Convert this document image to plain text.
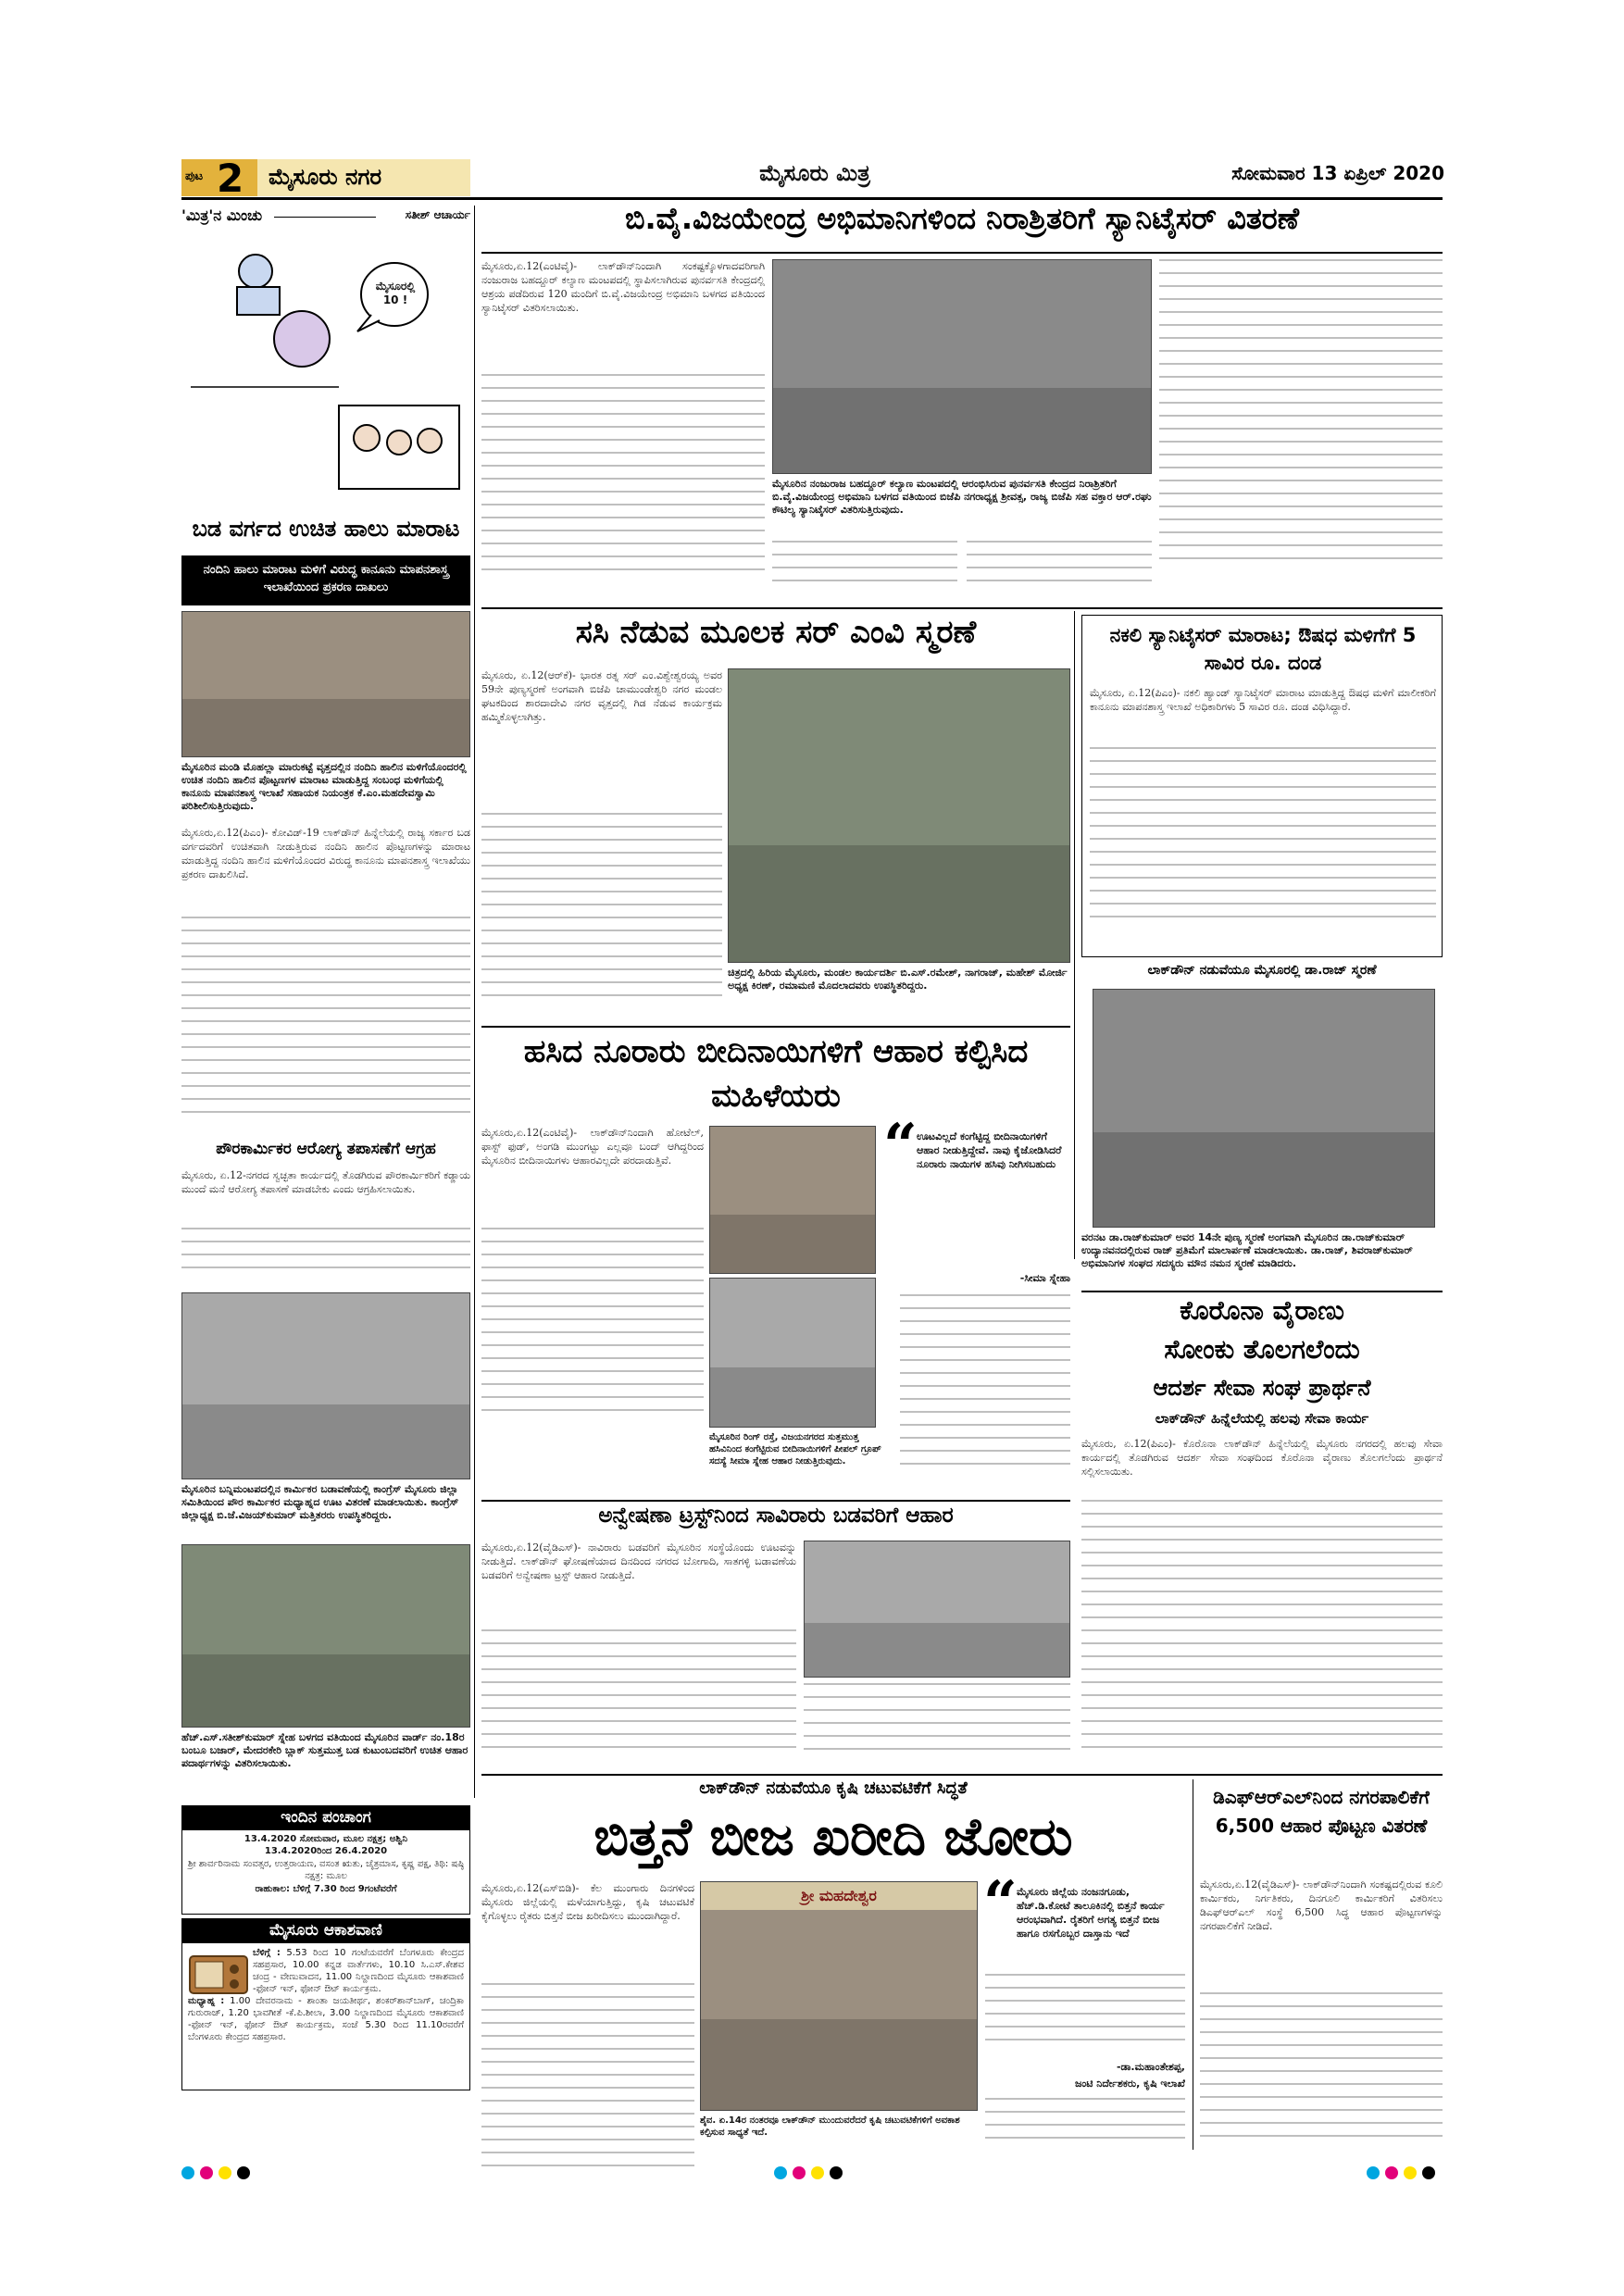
ಪುಟ 2 ಮೈಸೂರು ನಗರ	ಮೈಸೂರು ಮಿತ್ರ	ಸೋಮವಾರ 13 ಏಪ್ರಿಲ್ 2020
'ಮಿತ್ರ'ನ ಮಿಂಚು	ಸತೀಶ್ ಆಚಾರ್ಯ
ಮೈಸೂರಲ್ಲಿ 10 !
ಬಡ ವರ್ಗದ ಉಚಿತ ಹಾಲು ಮಾರಾಟ
ನಂದಿನಿ ಹಾಲು ಮಾರಾಟ ಮಳಿಗೆ ವಿರುದ್ಧ ಕಾನೂನು ಮಾಪನಶಾಸ್ತ್ರ ಇಲಾಖೆಯಿಂದ ಪ್ರಕರಣ ದಾಖಲು
ಮೈಸೂರಿನ ಮಂಡಿ ಮೊಹಲ್ಲಾ ಮಾರುಕಟ್ಟೆ ವೃತ್ತದಲ್ಲಿನ ನಂದಿನಿ ಹಾಲಿನ ಮಳಿಗೆಯೊಂದರಲ್ಲಿ ಉಚಿತ ನಂದಿನಿ ಹಾಲಿನ ಪೊಟ್ಟಣಗಳ ಮಾರಾಟ ಮಾಡುತ್ತಿದ್ದ ಸಂಬಂಧ ಮಳಿಗೆಯಲ್ಲಿ ಕಾನೂನು ಮಾಪನಶಾಸ್ತ್ರ ಇಲಾಖೆ ಸಹಾಯಕ ನಿಯಂತ್ರಕ ಕೆ.ಎಂ.ಮಹದೇವಸ್ವಾಮಿ ಪರಿಶೀಲಿಸುತ್ತಿರುವುದು.
ಮೈಸೂರು,ಏ.12(ಪಿಎಂ)- ಕೋವಿಡ್-19 ಲಾಕ್‌ಡೌನ್ ಹಿನ್ನೆಲೆಯಲ್ಲಿ ರಾಜ್ಯ ಸರ್ಕಾರ ಬಡ ವರ್ಗದವರಿಗೆ ಉಚಿತವಾಗಿ ನೀಡುತ್ತಿರುವ ನಂದಿನಿ ಹಾಲಿನ ಪೊಟ್ಟಣಗಳನ್ನು ಮಾರಾಟ ಮಾಡುತ್ತಿದ್ದ ನಂದಿನಿ ಹಾಲಿನ ಮಳಿಗೆಯೊಂದರ ವಿರುದ್ಧ ಕಾನೂನು ಮಾಪನಶಾಸ್ತ್ರ ಇಲಾಖೆಯು ಪ್ರಕರಣ ದಾಖಲಿಸಿದೆ.
ಪೌರಕಾರ್ಮಿಕರ ಆರೋಗ್ಯ ತಪಾಸಣೆಗೆ ಆಗ್ರಹ
ಮೈಸೂರು, ಏ.12-ನಗರದ ಸ್ವಚ್ಛತಾ ಕಾರ್ಯದಲ್ಲಿ ತೊಡಗಿರುವ ಪೌರಕಾರ್ಮಿಕರಿಗೆ ಕಡ್ಡಾಯ ಮುಂದೆ ಮನೆ ಆರೋಗ್ಯ ತಪಾಸಣೆ ಮಾಡಬೇಕು ಎಂದು ಆಗ್ರಹಿಸಲಾಯಿತು.
ಮೈಸೂರಿನ ಬನ್ನಿಮಂಟಪದಲ್ಲಿನ ಕಾರ್ಮಿಕರ ಬಡಾವಣೆಯಲ್ಲಿ ಕಾಂಗ್ರೆಸ್ ಮೈಸೂರು ಜಿಲ್ಲಾ ಸಮಿತಿಯಿಂದ ಪೌರ ಕಾರ್ಮಿಕರ ಮಧ್ಯಾಹ್ನದ ಊಟ ವಿತರಣೆ ಮಾಡಲಾಯಿತು. ಕಾಂಗ್ರೆಸ್ ಜಿಲ್ಲಾಧ್ಯಕ್ಷ ಬಿ.ಜೆ.ವಿಜಯ್‌ಕುಮಾರ್ ಮತ್ತಿತರರು ಉಪಸ್ಥಿತರಿದ್ದರು.
ಹೆಚ್.ಎಸ್.ಸತೀಶ್‌ಕುಮಾರ್ ಸ್ನೇಹ ಬಳಗದ ವತಿಯಿಂದ ಮೈಸೂರಿನ ವಾರ್ಡ್ ನಂ.18ರ ಬಂಬೂ ಬಜಾರ್, ಮೇದರಕೇರಿ ಬ್ಲಾಕ್ ಸುತ್ತಮುತ್ತ ಬಡ ಕುಟುಂಬದವರಿಗೆ ಉಚಿತ ಆಹಾರ ಪದಾರ್ಥಗಳನ್ನು ವಿತರಿಸಲಾಯಿತು.
ಇಂದಿನ ಪಂಚಾಂಗ
13.4.2020 ಸೋಮವಾರ, ಮೂಲ ನಕ್ಷತ್ರ; ಅಶ್ವಿನಿ
13.4.2020ರಿಂದ 26.4.2020
ಶ್ರೀ ಶಾರ್ವರಿನಾಮ ಸಂವತ್ಸರ, ಉತ್ತರಾಯಣ, ವಸಂತ ಋತು, ಚೈತ್ರಮಾಸ, ಕೃಷ್ಣ ಪಕ್ಷ, ತಿಥಿ: ಷಷ್ಠಿ ನಕ್ಷತ್ರ: ಮೂಲ
ರಾಹುಕಾಲ: ಬೆಳಿಗ್ಗೆ 7.30 ರಿಂದ 9ಗಂಟೆವರೆಗೆ
ಮೈಸೂರು ಆಕಾಶವಾಣಿ
ಬೆಳಿಗ್ಗೆ : 5.53 ರಿಂದ 10 ಗಂಟೆಯವರೆಗೆ ಬೆಂಗಳೂರು ಕೇಂದ್ರದ ಸಹಪ್ರಸಾರ, 10.00 ಕನ್ನಡ ವಾರ್ತೆಗಳು, 10.10 ಸಿ.ಎಸ್.ಕೇಶವ ಚಂದ್ರ - ವೇಣುವಾದನ, 11.00 ನಿಲ್ದಾಣದಿಂದ ಮೈಸೂರು ಆಕಾಶವಾಣಿ -ಫೋನ್ ಇನ್, ಫೋನ್ ಔಟ್ ಕಾರ್ಯಕ್ರಮ.
ಮಧ್ಯಾಹ್ನ : 1.00 ದೇವರನಾಮ - ಶಾಂತಾ ಜಯತೀರ್ಥ, ಶಂಕರ್‌ಶಾನ್‌ಬಾಗ್, ಚಂದ್ರಿಕಾ ಗುರುರಾಜ್, 1.20 ಭಾವಗೀತೆ -ಕೆ.ಪಿ.ಶೀಲಾ, 3.00 ನಿಲ್ದಾಣದಿಂದ ಮೈಸೂರು ಆಕಾಶವಾಣಿ -ಫೋನ್ ಇನ್, ಫೋನ್ ಔಟ್ ಕಾರ್ಯಕ್ರಮ, ಸಂಜೆ 5.30 ರಿಂದ 11.10ರವರೆಗೆ ಬೆಂಗಳೂರು ಕೇಂದ್ರದ ಸಹಪ್ರಸಾರ.
ಬಿ.ವೈ.ವಿಜಯೇಂದ್ರ ಅಭಿಮಾನಿಗಳಿಂದ ನಿರಾಶ್ರಿತರಿಗೆ ಸ್ಯಾನಿಟೈಸರ್ ವಿತರಣೆ
ಮೈಸೂರು,ಏ.12(ಎಂಟಿವೈ)- ಲಾಕ್‌ಡೌನ್‌ನಿಂದಾಗಿ ಸಂಕಷ್ಟಕ್ಕೊಳಗಾದವರಿಗಾಗಿ ನಂಜುರಾಜ ಬಹದ್ದೂರ್ ಕಲ್ಯಾಣ ಮಂಟಪದಲ್ಲಿ ಸ್ಥಾಪಿಸಲಾಗಿರುವ ಪುನರ್ವಸತಿ ಕೇಂದ್ರದಲ್ಲಿ ಆಶ್ರಯ ಪಡೆದಿರುವ 120 ಮಂದಿಗೆ ಬಿ.ವೈ.ವಿಜಯೇಂದ್ರ ಅಭಿಮಾನಿ ಬಳಗದ ವತಿಯಿಂದ ಸ್ಯಾನಿಟೈಸರ್ ವಿತರಿಸಲಾಯಿತು.
ಮೈಸೂರಿನ ನಂಜುರಾಜ ಬಹದ್ದೂರ್ ಕಲ್ಯಾಣ ಮಂಟಪದಲ್ಲಿ ಆರಂಭಿಸಿರುವ ಪುನರ್ವಸತಿ ಕೇಂದ್ರದ ನಿರಾಶ್ರಿತರಿಗೆ ಬಿ.ವೈ.ವಿಜಯೇಂದ್ರ ಅಭಿಮಾನಿ ಬಳಗದ ವತಿಯಿಂದ ಬಿಜೆಪಿ ನಗರಾಧ್ಯಕ್ಷ ಶ್ರೀವತ್ಸ, ರಾಜ್ಯ ಬಿಜೆಪಿ ಸಹ ವಕ್ತಾರ ಆರ್.ರಘು ಕೌಟಿಲ್ಯ ಸ್ಯಾನಿಟೈಸರ್ ವಿತರಿಸುತ್ತಿರುವುದು.
ಸಸಿ ನೆಡುವ ಮೂಲಕ ಸರ್ ಎಂವಿ ಸ್ಮರಣೆ
ಮೈಸೂರು, ಏ.12(ಆರ್‌ಕೆ)- ಭಾರತ ರತ್ನ ಸರ್ ಎಂ.ವಿಶ್ವೇಶ್ವರಯ್ಯ ಅವರ 59ನೇ ಪುಣ್ಯಸ್ಮರಣೆ ಅಂಗವಾಗಿ ಬಿಜೆಪಿ ಚಾಮುಂಡೇಶ್ವರಿ ನಗರ ಮಂಡಲ ಘಟಕದಿಂದ ಶಾರದಾದೇವಿ ನಗರ ವೃತ್ತದಲ್ಲಿ ಗಿಡ ನೆಡುವ ಕಾರ್ಯಕ್ರಮ ಹಮ್ಮಿಕೊಳ್ಳಲಾಗಿತ್ತು.
ಚಿತ್ರದಲ್ಲಿ ಹಿರಿಯ ಮೈಸೂರು, ಮಂಡಲ ಕಾರ್ಯದರ್ಶಿ ಬಿ.ಎಸ್.ರಮೇಶ್, ನಾಗರಾಜ್, ಮಹೇಶ್ ಮೋರ್ಜಿ ಅಧ್ಯಕ್ಷ ಕಿರಣ್, ರಮಾಮಣಿ ಮೊದಲಾದವರು ಉಪಸ್ಥಿತರಿದ್ದರು.
ನಕಲಿ ಸ್ಯಾನಿಟೈಸರ್ ಮಾರಾಟ; ಔಷಧ ಮಳಿಗೆಗೆ 5 ಸಾವಿರ ರೂ. ದಂಡ
ಮೈಸೂರು, ಏ.12(ಪಿಎಂ)- ನಕಲಿ ಹ್ಯಾಂಡ್ ಸ್ಯಾನಿಟೈಸರ್ ಮಾರಾಟ ಮಾಡುತ್ತಿದ್ದ ಔಷಧ ಮಳಿಗೆ ಮಾಲೀಕರಿಗೆ ಕಾನೂನು ಮಾಪನಶಾಸ್ತ್ರ ಇಲಾಖೆ ಅಧಿಕಾರಿಗಳು 5 ಸಾವಿರ ರೂ. ದಂಡ ವಿಧಿಸಿದ್ದಾರೆ.
ಲಾಕ್‌ಡೌನ್ ನಡುವೆಯೂ ಮೈಸೂರಲ್ಲಿ ಡಾ.ರಾಜ್ ಸ್ಮರಣೆ
ವರನಟ ಡಾ.ರಾಜ್‌ಕುಮಾರ್ ಅವರ 14ನೇ ಪುಣ್ಯ ಸ್ಮರಣೆ ಅಂಗವಾಗಿ ಮೈಸೂರಿನ ಡಾ.ರಾಜ್‌ಕುಮಾರ್ ಉದ್ಯಾನವನದಲ್ಲಿರುವ ರಾಜ್ ಪ್ರತಿಮೆಗೆ ಮಾಲಾರ್ಪಣೆ ಮಾಡಲಾಯಿತು. ಡಾ.ರಾಜ್, ಶಿವರಾಜ್‌ಕುಮಾರ್ ಅಭಿಮಾನಿಗಳ ಸಂಘದ ಸದಸ್ಯರು ಮೌನ ನಮನ ಸ್ಮರಣೆ ಮಾಡಿದರು.
ಹಸಿದ ನೂರಾರು ಬೀದಿನಾಯಿಗಳಿಗೆ ಆಹಾರ ಕಲ್ಪಿಸಿದ ಮಹಿಳೆಯರು
ಮೈಸೂರು,ಏ.12(ಎಂಟಿವೈ)- ಲಾಕ್‌ಡೌನ್‌ನಿಂದಾಗಿ ಹೋಟೆಲ್, ಫಾಸ್ಟ್ ಫುಡ್, ಅಂಗಡಿ ಮುಂಗಟ್ಟು ಎಲ್ಲವೂ ಬಂದ್ ಆಗಿದ್ದರಿಂದ ಮೈಸೂರಿನ ಬೀದಿನಾಯಿಗಳು ಆಹಾರವಿಲ್ಲದೇ ಪರದಾಡುತ್ತಿವೆ.	“ ಊಟವಿಲ್ಲದೆ ಕಂಗೆಟ್ಟಿದ್ದ ಬೀದಿನಾಯಿಗಳಿಗೆ ಆಹಾರ ನೀಡುತ್ತಿದ್ದೇವೆ. ನಾವು ಕೈಜೋಡಿಸಿದರೆ ನೂರಾರು ನಾಯಿಗಳ ಹಸಿವು ನೀಗಿಸಬಹುದು
-ಸೀಮಾ ಸ್ನೇಹಾ
ಮೈಸೂರಿನ ರಿಂಗ್ ರಸ್ತೆ, ವಿಜಯನಗರದ ಸುತ್ತಮುತ್ತ ಹಸಿವಿನಿಂದ ಕಂಗೆಟ್ಟಿರುವ ಬೀದಿನಾಯಿಗಳಿಗೆ ಪೀಪಲ್ ಗ್ರೂಪ್ ಸದಸ್ಯೆ ಸೀಮಾ ಸ್ನೇಹ ಆಹಾರ ನೀಡುತ್ತಿರುವುದು.
ಕೊರೊನಾ ವೈರಾಣು
ಸೋಂಕು ತೊಲಗಲೆಂದು
ಆದರ್ಶ ಸೇವಾ ಸಂಘ ಪ್ರಾರ್ಥನೆ
ಲಾಕ್‌ಡೌನ್ ಹಿನ್ನೆಲೆಯಲ್ಲಿ ಹಲವು ಸೇವಾ ಕಾರ್ಯ
ಮೈಸೂರು, ಏ.12(ಪಿಎಂ)- ಕೊರೊನಾ ಲಾಕ್‌ಡೌನ್ ಹಿನ್ನೆಲೆಯಲ್ಲಿ ಮೈಸೂರು ನಗರದಲ್ಲಿ ಹಲವು ಸೇವಾ ಕಾರ್ಯದಲ್ಲಿ ತೊಡಗಿರುವ ಆದರ್ಶ ಸೇವಾ ಸಂಘದಿಂದ ಕೊರೊನಾ ವೈರಾಣು ತೊಲಗಲೆಂದು ಪ್ರಾರ್ಥನೆ ಸಲ್ಲಿಸಲಾಯಿತು.
ಅನ್ವೇಷಣಾ ಟ್ರಸ್ಟ್‌ನಿಂದ ಸಾವಿರಾರು ಬಡವರಿಗೆ ಆಹಾರ
ಮೈಸೂರು,ಏ.12(ವೈಡಿಎಸ್)- ನಾವಿರಾರು ಬಡವರಿಗೆ ಮೈಸೂರಿನ ಸಂಸ್ಥೆಯೊಂದು ಊಟವನ್ನು ನೀಡುತ್ತಿದೆ. ಲಾಕ್‌ಡೌನ್ ಘೋಷಣೆಯಾದ ದಿನದಿಂದ ನಗರದ ಬೋಗಾದಿ, ಸಾತಗಳ್ಳಿ ಬಡಾವಣೆಯ ಬಡವರಿಗೆ ಅನ್ವೇಷಣಾ ಟ್ರಸ್ಟ್ ಆಹಾರ ನೀಡುತ್ತಿದೆ.
ಲಾಕ್‌ಡೌನ್ ನಡುವೆಯೂ ಕೃಷಿ ಚಟುವಟಿಕೆಗೆ ಸಿದ್ಧತೆ
ಬಿತ್ತನೆ ಬೀಜ ಖರೀದಿ ಜೋರು
ಮೈಸೂರು,ಏ.12(ಎಸ್‌ಬಿಡಿ)- ಕೆಲ ಮುಂಗಾರು ದಿನಗಳಿಂದ ಮೈಸೂರು ಜಿಲ್ಲೆಯಲ್ಲಿ ಮಳೆಯಾಗುತ್ತಿದ್ದು, ಕೃಷಿ ಚಟುವಟಿಕೆ ಕೈಗೊಳ್ಳಲು ರೈತರು ಬಿತ್ತನೆ ಬೀಜ ಖರೀದಿಸಲು ಮುಂದಾಗಿದ್ದಾರೆ.
ಶ್ರೀ ಮಹದೇಶ್ವರ
ಶೈವ. ಏ.14ರ ನಂತರವೂ ಲಾಕ್‌ಡೌನ್ ಮುಂದುವರೆದರೆ ಕೃಷಿ ಚಟುವಟಿಕೆಗಳಿಗೆ ಅವಕಾಶ ಕಲ್ಪಿಸುವ ಸಾಧ್ಯತೆ ಇದೆ.
“ ಮೈಸೂರು ಜಿಲ್ಲೆಯ ನಂಜನಗೂಡು, ಹೆಚ್.ಡಿ.ಕೋಟೆ ತಾಲೂಕಿನಲ್ಲಿ ಬಿತ್ತನೆ ಕಾರ್ಯ ಆರಂಭವಾಗಿದೆ. ರೈತರಿಗೆ ಅಗತ್ಯ ಬಿತ್ತನೆ ಬೀಜ ಹಾಗೂ ರಸಗೊಬ್ಬರ ದಾಸ್ತಾನು ಇದೆ
-ಡಾ.ಮಹಾಂತೇಶಪ್ಪ,
ಜಂಟಿ ನಿರ್ದೇಶಕರು, ಕೃಷಿ ಇಲಾಖೆ
ಡಿಎಫ್‌ಆರ್‌ಎಲ್‌ನಿಂದ ನಗರಪಾಲಿಕೆಗೆ 6,500 ಆಹಾರ ಪೊಟ್ಟಣ ವಿತರಣೆ
ಮೈಸೂರು,ಏ.12(ವೈಡಿಎಸ್)- ಲಾಕ್‌ಡೌನ್‌ನಿಂದಾಗಿ ಸಂಕಷ್ಟದಲ್ಲಿರುವ ಕೂಲಿ ಕಾರ್ಮಿಕರು, ನಿರ್ಗತಿಕರು, ದಿನಗೂಲಿ ಕಾರ್ಮಿಕರಿಗೆ ವಿತರಿಸಲು ಡಿಎಫ್‌ಆರ್‌ಎಲ್ ಸಂಸ್ಥೆ 6,500 ಸಿದ್ಧ ಆಹಾರ ಪೊಟ್ಟಣಗಳನ್ನು ನಗರಪಾಲಿಕೆಗೆ ನೀಡಿದೆ.
